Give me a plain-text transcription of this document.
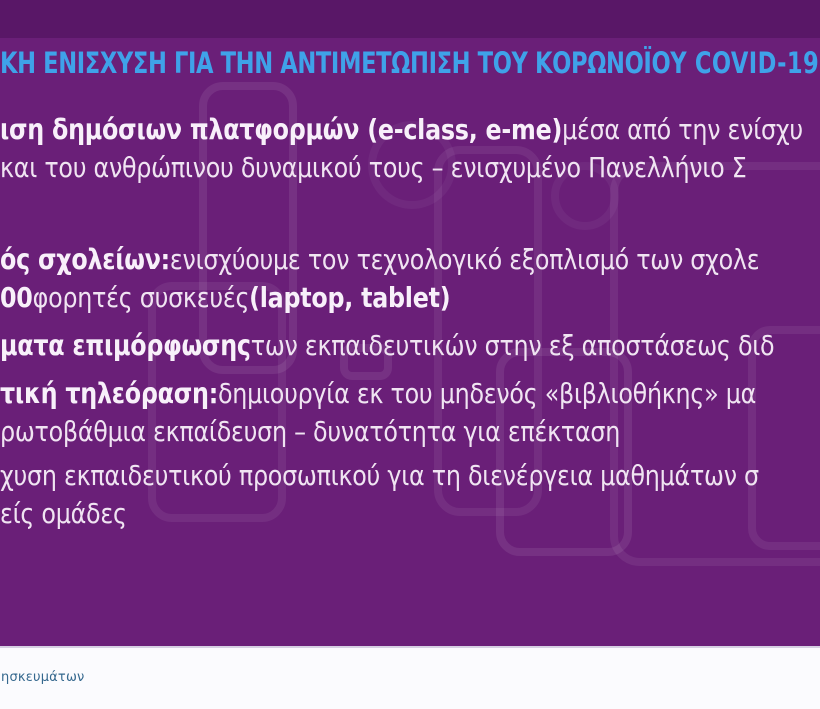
ΚΗ ΕΝΙΣΧΥΣΗ ΓΙΑ ΤΗΝ ΑΝΤΙΜΕΤΩΠΙΣΗ ΤΟΥ ΚΟΡΩΝΟΪΟΥ COVID-19
ιση δημόσιων πλατφορμών (e-class, e-me) μέσα από την ενίσχυ
και του ανθρώπινου δυναμικού τους – ενισχυμένο Πανελλήνιο Σ
ός σχολείων: ενισχύουμε τον τεχνολογικό εξοπλισμό των σχολε
00 φορητές συσκευές (laptop, tablet)
ματα επιμόρφωσης των εκπαιδευτικών στην εξ αποστάσεως διδ
τική τηλεόραση: δημιουργία εκ του μηδενός «βιβλιοθήκης» μα
ρωτοβάθμια εκπαίδευση – δυνατότητα για επέκταση
χυση εκπαιδευτικού προσωπικού για τη διενέργεια μαθημάτων σ
είς ομάδες
ησκευμάτων
